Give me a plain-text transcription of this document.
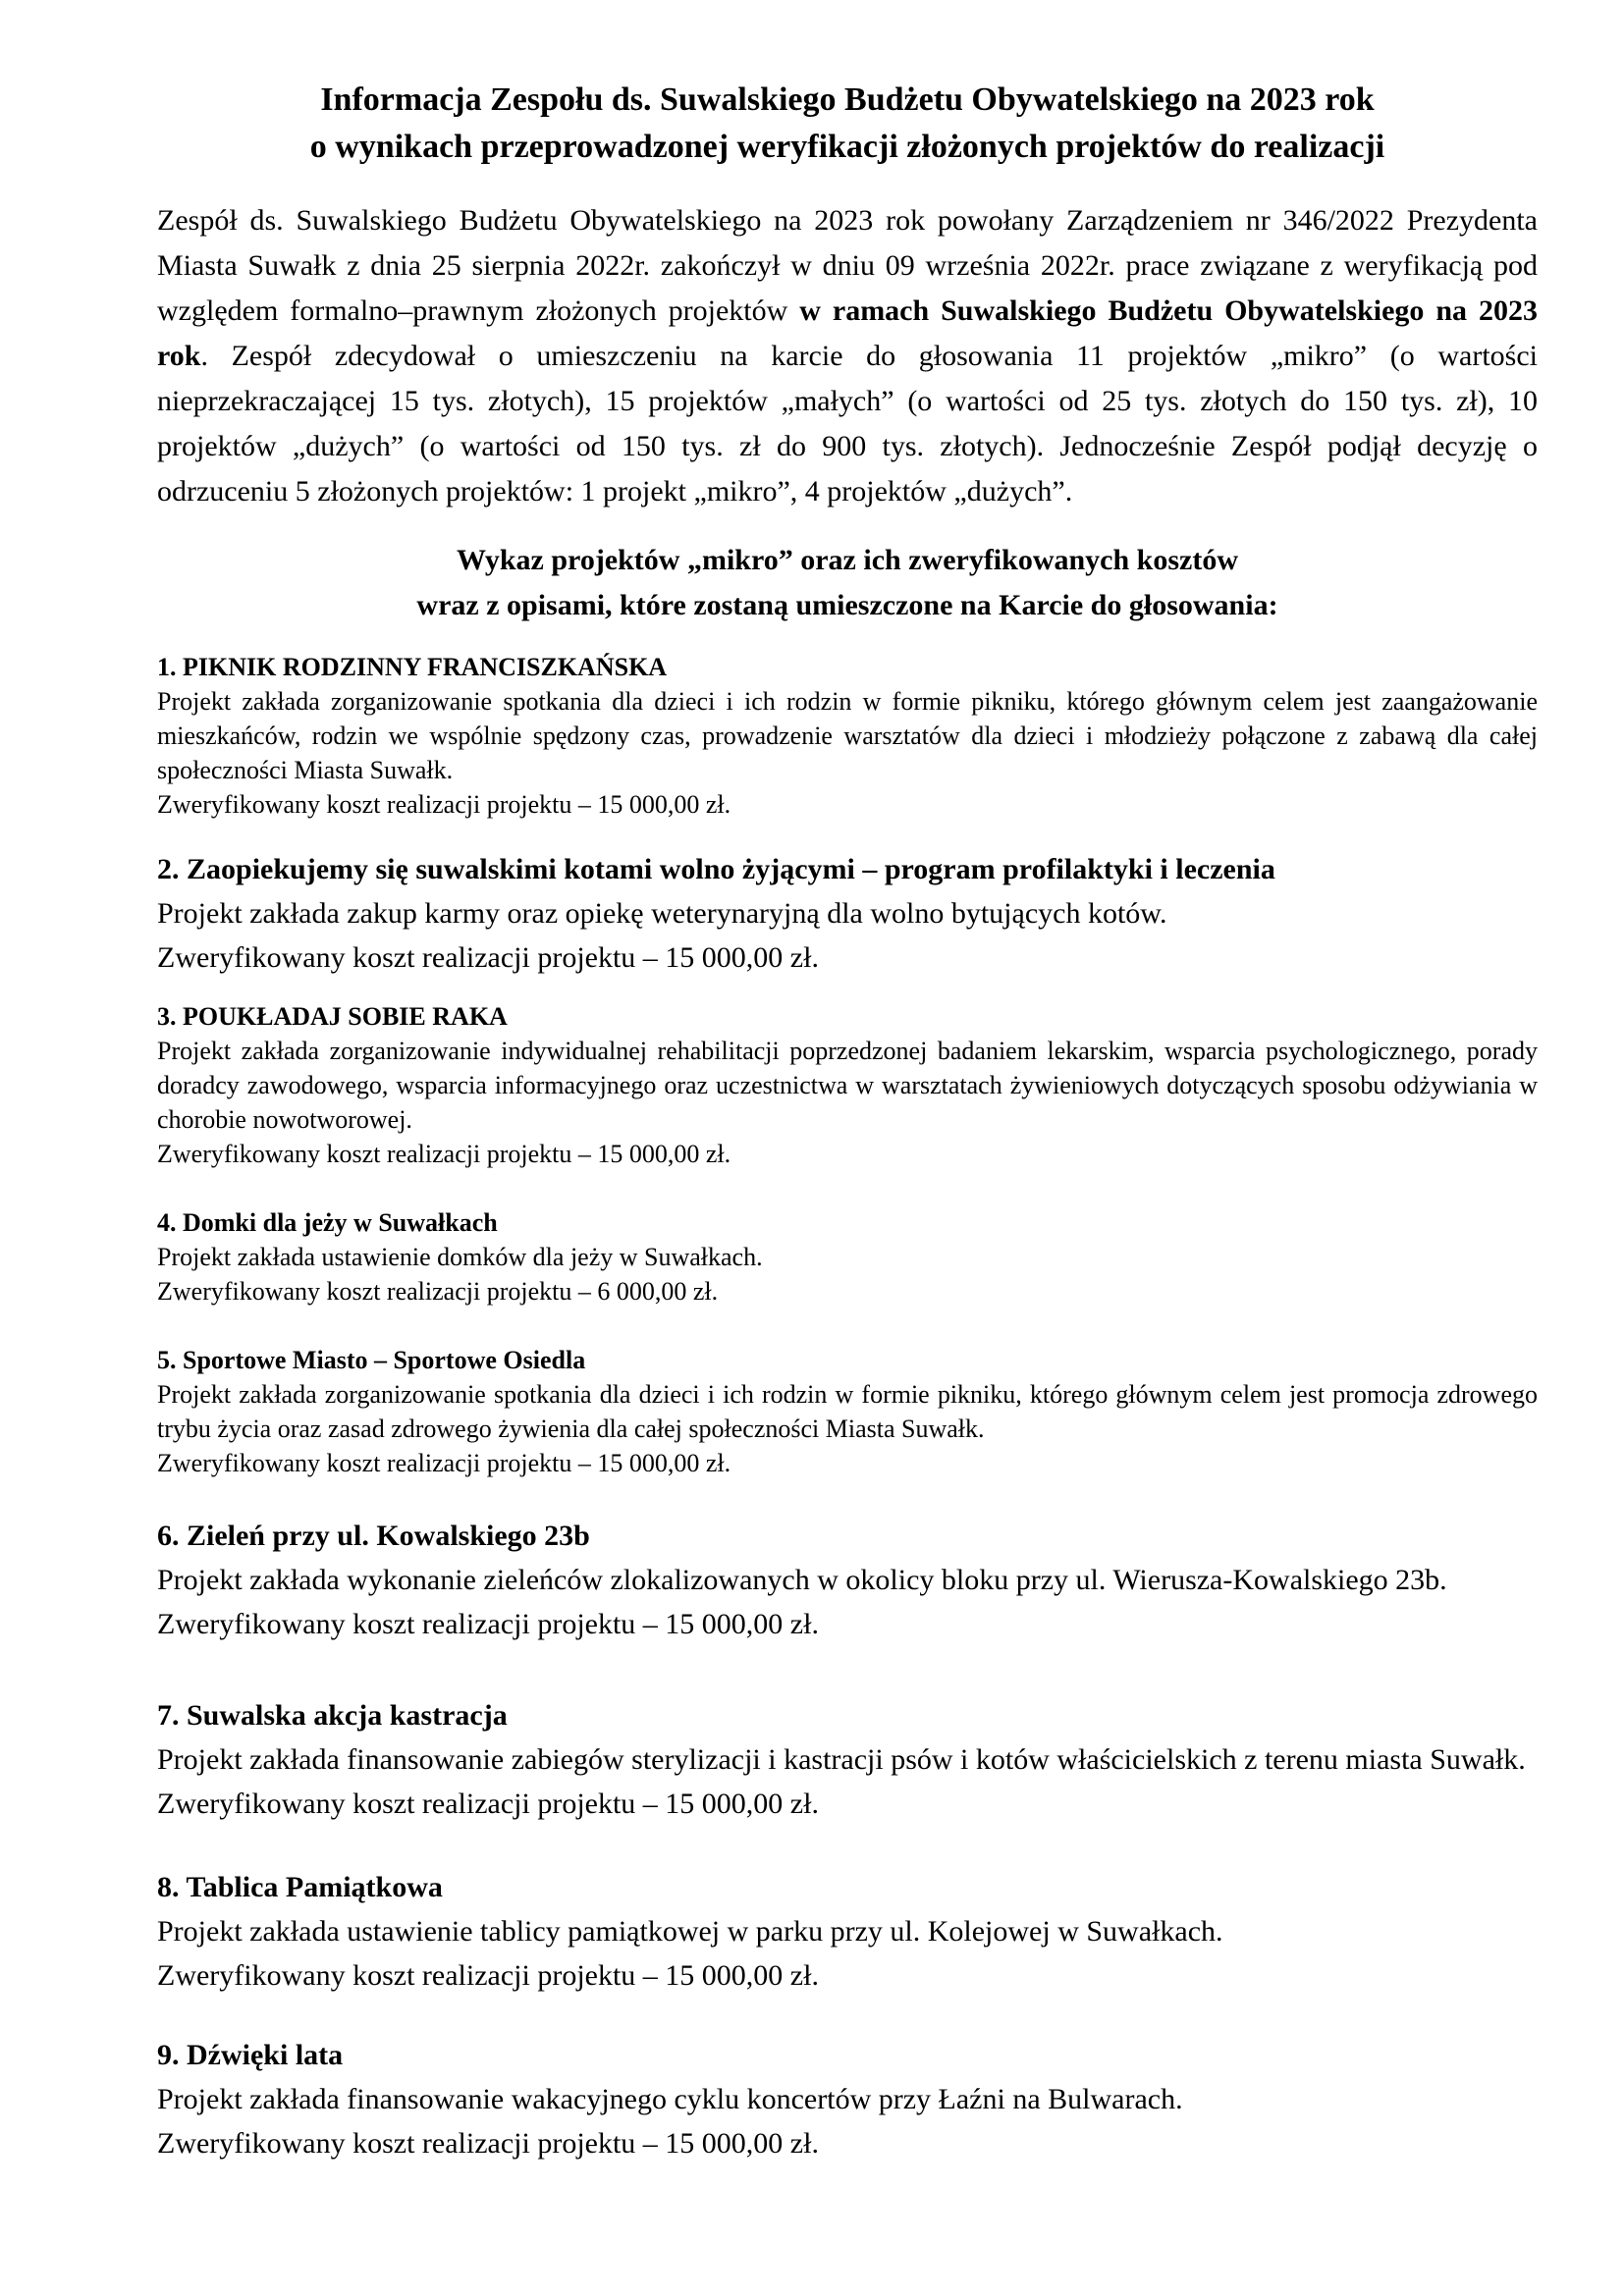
Informacja Zespołu ds. Suwalskiego Budżetu Obywatelskiego na 2023 rok
o wynikach przeprowadzonej weryfikacji złożonych projektów do realizacji

Zespół ds. Suwalskiego Budżetu Obywatelskiego na 2023 rok powołany Zarządzeniem nr 346/2022 Prezydenta Miasta Suwałk z dnia 25 sierpnia 2022r. zakończył w dniu 09 września 2022r. prace związane z weryfikacją pod względem formalno–prawnym złożonych projektów w ramach Suwalskiego Budżetu Obywatelskiego na 2023 rok. Zespół zdecydował o umieszczeniu na karcie do głosowania 11 projektów „mikro” (o wartości nieprzekraczającej 15 tys. złotych), 15 projektów „małych” (o wartości od 25 tys. złotych do 150 tys. zł), 10 projektów „dużych” (o wartości od 150 tys. zł do 900 tys. złotych). Jednocześnie Zespół podjął decyzję o odrzuceniu 5 złożonych projektów: 1 projekt „mikro”, 4 projektów „dużych”.

Wykaz projektów „mikro” oraz ich zweryfikowanych kosztów
wraz z opisami, które zostaną umieszczone na Karcie do głosowania:
1. PIKNIK RODZINNY FRANCISZKAŃSKA
Projekt zakłada zorganizowanie spotkania dla dzieci i ich rodzin w formie pikniku, którego głównym celem jest zaangażowanie mieszkańców, rodzin we wspólnie spędzony czas, prowadzenie warsztatów dla dzieci i młodzieży połączone z zabawą dla całej społeczności Miasta Suwałk.
Zweryfikowany koszt realizacji projektu – 15 000,00 zł.
2. Zaopiekujemy się suwalskimi kotami wolno żyjącymi – program profilaktyki i leczenia
Projekt zakłada zakup karmy oraz opiekę weterynaryjną dla wolno bytujących kotów.
Zweryfikowany koszt realizacji projektu – 15 000,00 zł.
3. POUKŁADAJ SOBIE RAKA
Projekt zakłada zorganizowanie indywidualnej rehabilitacji poprzedzonej badaniem lekarskim, wsparcia psychologicznego, porady doradcy zawodowego, wsparcia informacyjnego oraz uczestnictwa w warsztatach żywieniowych dotyczących sposobu odżywiania w chorobie nowotworowej.
Zweryfikowany koszt realizacji projektu – 15 000,00 zł.
4. Domki dla jeży w Suwałkach
Projekt zakłada ustawienie domków dla jeży w Suwałkach.
Zweryfikowany koszt realizacji projektu – 6 000,00 zł.
5. Sportowe Miasto – Sportowe Osiedla
Projekt zakłada zorganizowanie spotkania dla dzieci i ich rodzin w formie pikniku, którego głównym celem jest promocja zdrowego trybu życia oraz zasad zdrowego żywienia dla całej społeczności Miasta Suwałk.
Zweryfikowany koszt realizacji projektu – 15 000,00 zł.
6. Zieleń przy ul. Kowalskiego 23b
Projekt zakłada wykonanie zieleńców zlokalizowanych w okolicy bloku przy ul. Wierusza-Kowalskiego 23b.
Zweryfikowany koszt realizacji projektu – 15 000,00 zł.
7. Suwalska akcja kastracja
Projekt zakłada finansowanie zabiegów sterylizacji i kastracji psów i kotów właścicielskich z terenu miasta Suwałk.
Zweryfikowany koszt realizacji projektu – 15 000,00 zł.
8. Tablica Pamiątkowa
Projekt zakłada ustawienie tablicy pamiątkowej w parku przy ul. Kolejowej w Suwałkach.
Zweryfikowany koszt realizacji projektu – 15 000,00 zł.
9. Dźwięki lata
Projekt zakłada finansowanie wakacyjnego cyklu koncertów przy Łaźni na Bulwarach.
Zweryfikowany koszt realizacji projektu – 15 000,00 zł.
